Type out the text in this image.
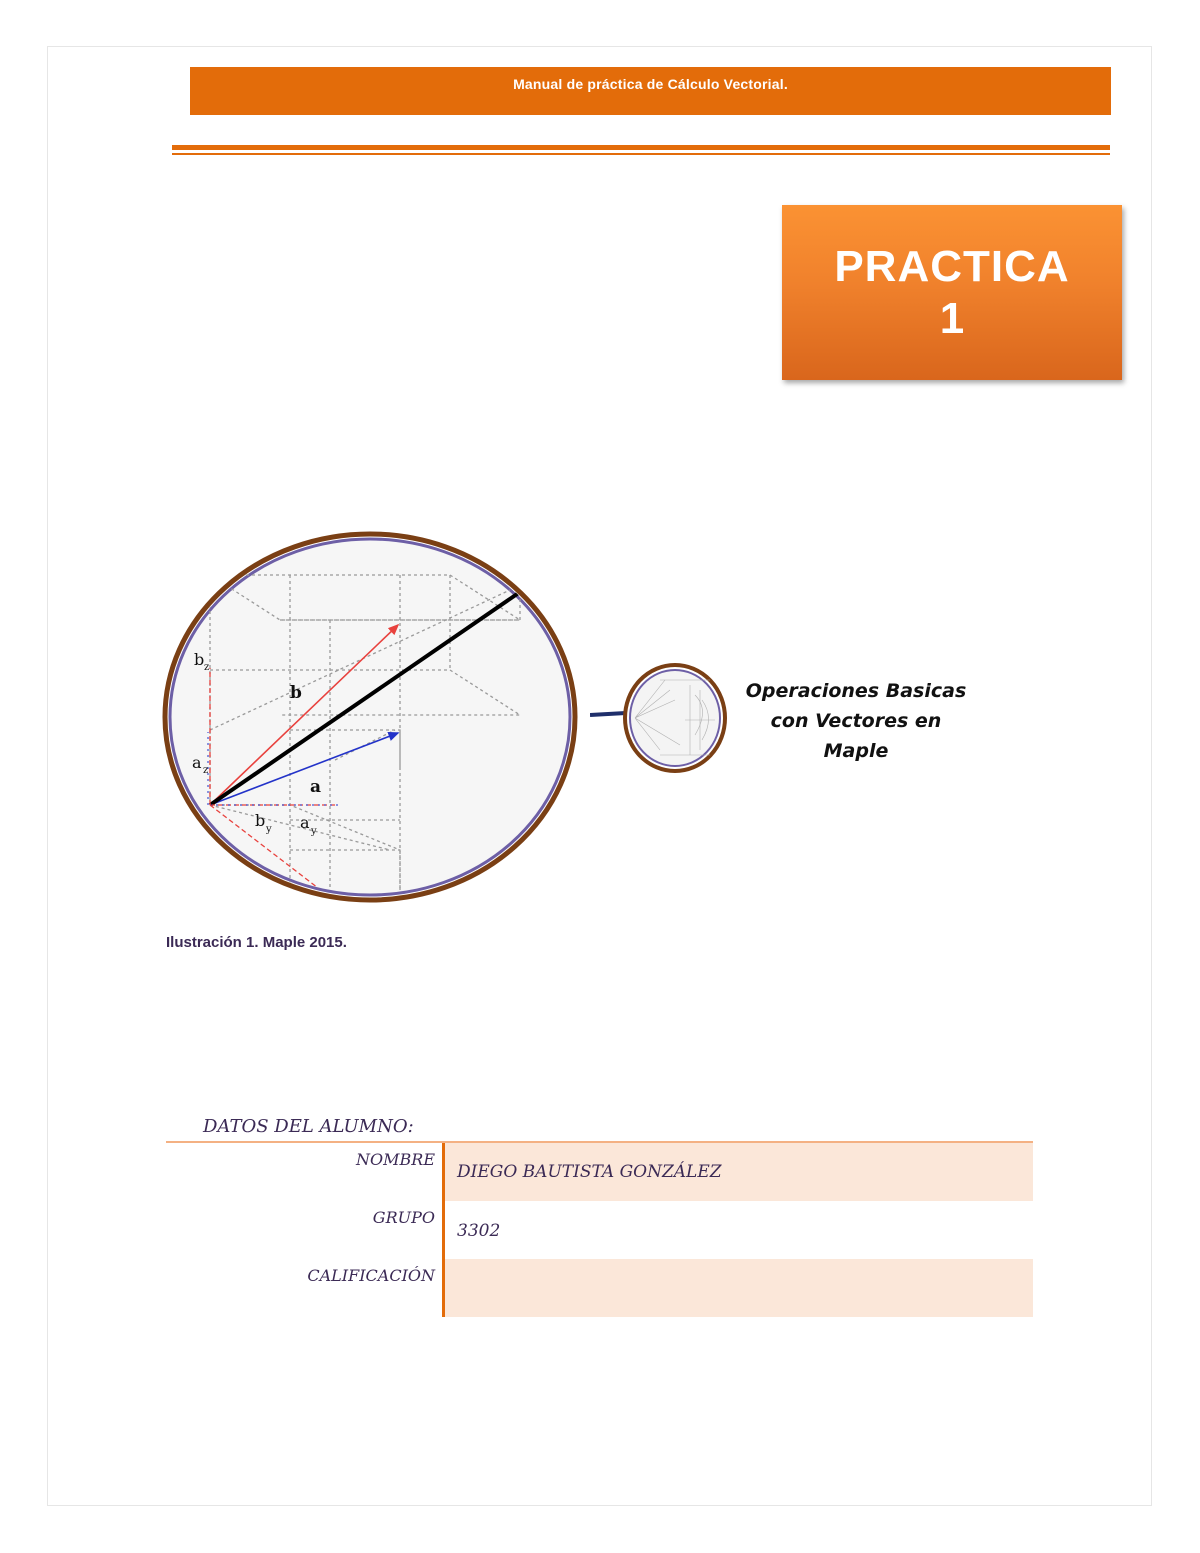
Manual de práctica de Cálculo Vectorial.
PRACTICA
1
b
a
b z
a z
b y a y
Operaciones Basicas
con Vectores en
Maple
Ilustración 1. Maple 2015.
DATOS DEL ALUMNO:
NOMBRE
DIEGO BAUTISTA GONZÁLEZ
GRUPO
3302
CALIFICACIÓN
